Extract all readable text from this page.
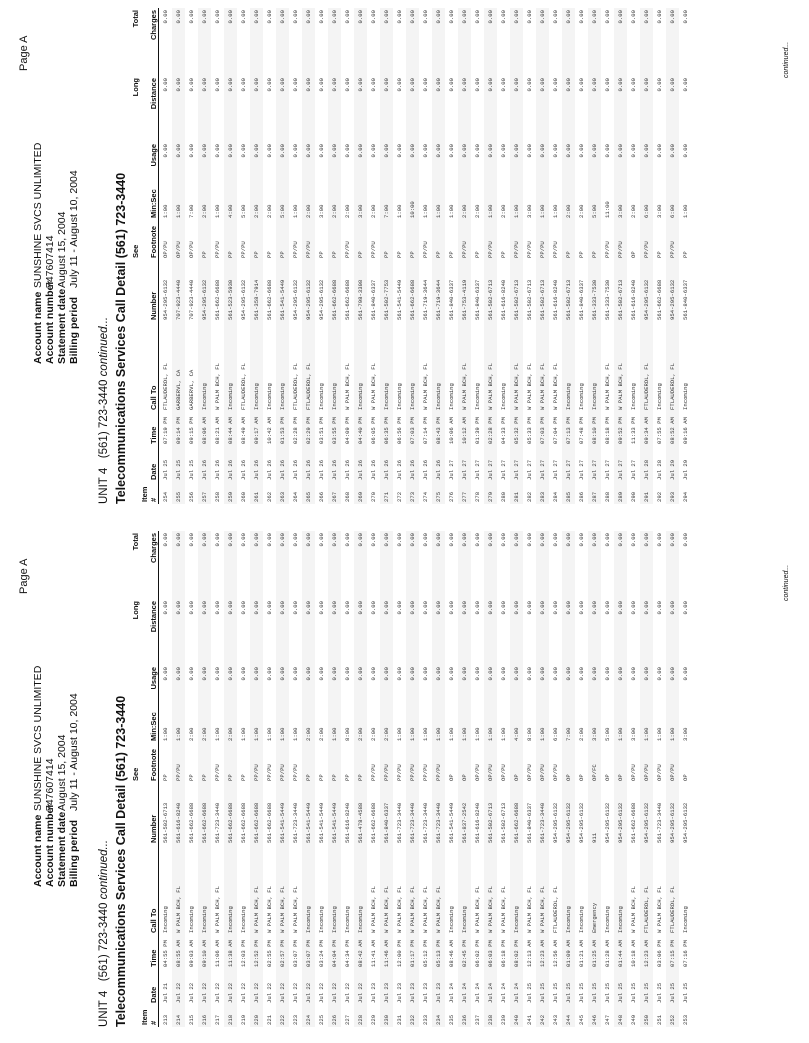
Page A
Account name
SUNSHINE SVCS UNLIMITED
Account number
747607414
Statement date
August 15, 2004
Billing period
July 11 - August 10, 2004
UNIT 4   (561) 723-3440 continued... Telecommunications Services Call Detail (561) 723-3440
					See			Long	Total
Item #	Date	Time	Call To	Number	Footnote	Min:Sec	Usage	Distance	Charges
213	Jul 21	04:55 PM	Incoming	561-502-6713	PP	1:00	0.00	0.00	0.00
214	Jul 22	08:55 AM	W PALM BCH, FL	561-616-8240	PP/PU	1:00	0.00	0.00	0.00
215	Jul 22	09:03 AM	Incoming	561-662-6688	PP	2:00	0.00	0.00	0.00
216	Jul 22	09:10 AM	Incoming	561-662-6688	PP	2:00	0.00	0.00	0.00
217	Jul 22	11:06 AM	W PALM BCH, FL	561-723-3440	PP/PU	1:00	0.00	0.00	0.00
218	Jul 22	11:38 AM	Incoming	561-662-6688	PP	2:00	0.00	0.00	0.00
219	Jul 22	12:03 PM	Incoming	561-662-6688	PP	1:00	0.00	0.00	0.00
220	Jul 22	12:52 PM	W PALM BCH, FL	561-662-6688	PP/PU	1:00	0.00	0.00	0.00
221	Jul 22	02:55 PM	W PALM BCH, FL	561-662-6688	PP/PU	1:00	0.00	0.00	0.00
222	Jul 22	02:57 PM	W PALM BCH, FL	561-541-5449	PP/PU	1:00	0.00	0.00	0.00
223	Jul 22	03:07 PM	W PALM BCH, FL	561-723-3440	PP/PU	1:00	0.00	0.00	0.00
224	Jul 22	03:07 PM	Incoming	561-541-5449	PP	2:00	0.00	0.00	0.00
225	Jul 22	03:24 PM	Incoming	561-541-5449	PP	2:00	0.00	0.00	0.00
226	Jul 22	04:04 PM	Incoming	561-541-5449	PP	1:00	0.00	0.00	0.00
227	Jul 22	04:34 PM	Incoming	561-616-8240	PP	8:00	0.00	0.00	0.00
228	Jul 22	08:42 AM	Incoming	561-478-4588	PP	2:00	0.00	0.00	0.00
229	Jul 23	11:41 AM	W PALM BCH, FL	561-662-6688	PP/PU	2:00	0.00	0.00	0.00
230	Jul 23	11:46 AM	W PALM BCH, FL	561-840-6337	PP/PU	2:00	0.00	0.00	0.00
231	Jul 23	12:00 PM	W PALM BCH, FL	561-723-3440	PP/PU	1:00	0.00	0.00	0.00
232	Jul 23	01:17 PM	W PALM BCH, FL	561-723-3440	PP/PU	1:00	0.00	0.00	0.00
233	Jul 23	05:12 PM	W PALM BCH, FL	561-723-3440	PP/PU	1:00	0.00	0.00	0.00
234	Jul 23	05:13 PM	W PALM BCH, FL	561-723-3440	PP/PU	1:00	0.00	0.00	0.00
235	Jul 24	08:46 AM	Incoming	561-541-5449	OP	1:00	0.00	0.00	0.00
236	Jul 24	02:45 PM	Incoming	561-837-2542	OP	1:00	0.00	0.00	0.00
237	Jul 24	06:02 PM	W PALM BCH, FL	561-616-8240	OP/PU	1:00	0.00	0.00	0.00
238	Jul 24	06:03 PM	W PALM BCH, FL	561-502-6713	OP/PU	1:00	0.00	0.00	0.00
239	Jul 24	06:18 PM	W PALM BCH, FL	561-502-6713	OP/PU	1:00	0.00	0.00	0.00
240	Jul 24	08:02 PM	Incoming	561-662-6688	OP	4:00	0.00	0.00	0.00
241	Jul 25	12:13 AM	W PALM BCH, FL	561-840-6337	OP/PU	8:00	0.00	0.00	0.00
242	Jul 25	12:23 AM	W PALM BCH, FL	561-723-3440	OP/PU	1:00	0.00	0.00	0.00
243	Jul 25	12:56 AM	FTLAUDERDL, FL	954-295-6132	OP/PU	6:00	0.00	0.00	0.00
244	Jul 25	01:09 AM	Incoming	954-295-6132	OP	7:00	0.00	0.00	0.00
245	Jul 25	01:21 AM	Incoming	954-295-6132	OP	2:00	0.00	0.00	0.00
246	Jul 25	01:25 AM	Emergency	911	OP/FC	3:00	0.00	0.00	0.00
247	Jul 25	01:28 AM	Incoming	954-295-6132	OP	5:00	0.00	0.00	0.00
248	Jul 25	01:44 AM	Incoming	954-295-6132	OP	1:00	0.00	0.00	0.00
249	Jul 25	10:18 AM	W PALM BCH, FL	561-662-6688	OP/PU	3:00	0.00	0.00	0.00
250	Jul 25	12:23 AM	FTLAUDERDL, FL	954-295-6132	OP/PU	1:00	0.00	0.00	0.00
251	Jul 25	03:06 PM	W PALM BCH, FL	561-723-3440	OP/PU	1:00	0.00	0.00	0.00
252	Jul 25	07:15 PM	FTLAUDERDL, FL	954-295-6132	OP/PU	1:00	0.00	0.00	0.00
253	Jul 25	07:16 PM	Incoming	954-295-6132	OP	3:00	0.00	0.00	0.00
continued...
Page A
Account name
SUNSHINE SVCS UNLIMITED
Account number
747607414
Statement date
August 15, 2004
Billing period
July 11 - August 10, 2004
UNIT 4   (561) 723-3440 continued... Telecommunications Services Call Detail (561) 723-3440
					See			Long	Total
Item #	Date	Time	Call To	Number	Footnote	Min:Sec	Usage	Distance	Charges
254	Jul 25	07:19 PM	FTLAUDERDL, FL	954-295-6132	OP/PU	1:00	0.00	0.00	0.00
255	Jul 25	09:14 PM	GARBERVL, CA	707-923-4440	OP/PU	1:00	0.00	0.00	0.00
256	Jul 25	09:15 PM	GARBERVL, CA	707-923-4440	OP/PU	7:00	0.00	0.00	0.00
257	Jul 26	08:06 AM	Incoming	954-295-6132	PP	2:00	0.00	0.00	0.00
258	Jul 26	08:21 AM	W PALM BCH, FL	561-662-6688	PP/PU	1:00	0.00	0.00	0.00
259	Jul 26	08:44 AM	Incoming	561-523-5930	PP	4:00	0.00	0.00	0.00
260	Jul 26	08:49 AM	FTLAUDERDL, FL	954-295-6132	PP/PU	5:00	0.00	0.00	0.00
261	Jul 26	09:17 AM	Incoming	561-358-7914	PP	2:00	0.00	0.00	0.00
262	Jul 26	10:42 AM	Incoming	561-662-6688	PP	2:00	0.00	0.00	0.00
263	Jul 26	01:53 PM	Incoming	561-541-5449	PP	5:00	0.00	0.00	0.00
264	Jul 26	02:28 PM	FTLAUDERDL, FL	954-295-6132	PP/PU	1:00	0.00	0.00	0.00
265	Jul 26	02:29 PM	FTLAUDERDL, FL	954-295-6132	PP/PU	2:00	0.00	0.00	0.00
266	Jul 26	03:51 PM	Incoming	954-295-6132	PP	3:00	0.00	0.00	0.00
267	Jul 26	03:55 PM	Incoming	561-662-6688	PP	2:00	0.00	0.00	0.00
268	Jul 26	04:09 PM	W PALM BCH, FL	561-662-6688	PP/PU	2:00	0.00	0.00	0.00
269	Jul 26	04:40 PM	Incoming	561-798-3308	PP	3:00	0.00	0.00	0.00
270	Jul 26	06:05 PM	W PALM BCH, FL	561-840-6337	PP/PU	2:00	0.00	0.00	0.00
271	Jul 26	06:35 PM	Incoming	561-502-7753	PP	7:00	0.00	0.00	0.00
272	Jul 26	06:56 PM	Incoming	561-541-5449	PP	1:00	0.00	0.00	0.00
273	Jul 26	07:03 PM	Incoming	561-662-6688	PP	10:00	0.00	0.00	0.00
274	Jul 26	07:14 PM	W PALM BCH, FL	561-719-3644	PP/PU	1:00	0.00	0.00	0.00
275	Jul 26	08:43 PM	Incoming	561-719-3644	PP	1:00	0.00	0.00	0.00
276	Jul 27	10:06 AM	Incoming	561-840-6337	PP	1:00	0.00	0.00	0.00
277	Jul 27	10:12 AM	W PALM BCH, FL	561-753-4119	PP/PU	2:00	0.00	0.00	0.00
278	Jul 27	01:39 PM	Incoming	561-840-6337	PP	2:00	0.00	0.00	0.00
279	Jul 27	02:28 PM	W PALM BCH, FL	561-502-6713	PP/PU	1:00	0.00	0.00	0.00
280	Jul 27	04:33 PM	Incoming	561-616-8240	PP	2:00	0.00	0.00	0.00
281	Jul 27	05:32 PM	W PALM BCH, FL	561-502-6713	PP/PU	1:00	0.00	0.00	0.00
282	Jul 27	05:33 PM	W PALM BCH, FL	561-502-6713	PP/PU	3:00	0.00	0.00	0.00
283	Jul 27	07:03 PM	W PALM BCH, FL	561-502-6713	PP/PU	1:00	0.00	0.00	0.00
284	Jul 27	07:04 PM	W PALM BCH, FL	561-616-8240	PP/PU	1:00	0.00	0.00	0.00
285	Jul 27	07:13 PM	Incoming	561-502-6713	PP	2:00	0.00	0.00	0.00
286	Jul 27	07:48 PM	Incoming	561-840-6337	PP	2:00	0.00	0.00	0.00
287	Jul 27	08:10 PM	Incoming	561-333-7530	PP	5:00	0.00	0.00	0.00
288	Jul 27	08:18 PM	W PALM BCH, FL	561-333-7530	PP/PU	11:00	0.00	0.00	0.00
289	Jul 27	09:52 PM	W PALM BCH, FL	561-502-6713	PP/PU	3:00	0.00	0.00	0.00
290	Jul 27	11:33 PM	Incoming	561-616-8240	OP	2:00	0.00	0.00	0.00
291	Jul 28	09:34 AM	FTLAUDERDL, FL	954-295-6132	PP/PU	6:00	0.00	0.00	0.00
292	Jul 28	07:55 PM	Incoming	561-662-6688	PP	3:00	0.00	0.00	0.00
293	Jul 29	08:52 AM	FTLAUDERDL, FL	954-295-6132	PP/PU	6:00	0.00	0.00	0.00
294	Jul 29	09:16 AM	Incoming	561-840-6337	PP	1:00	0.00	0.00	0.00
continued...
